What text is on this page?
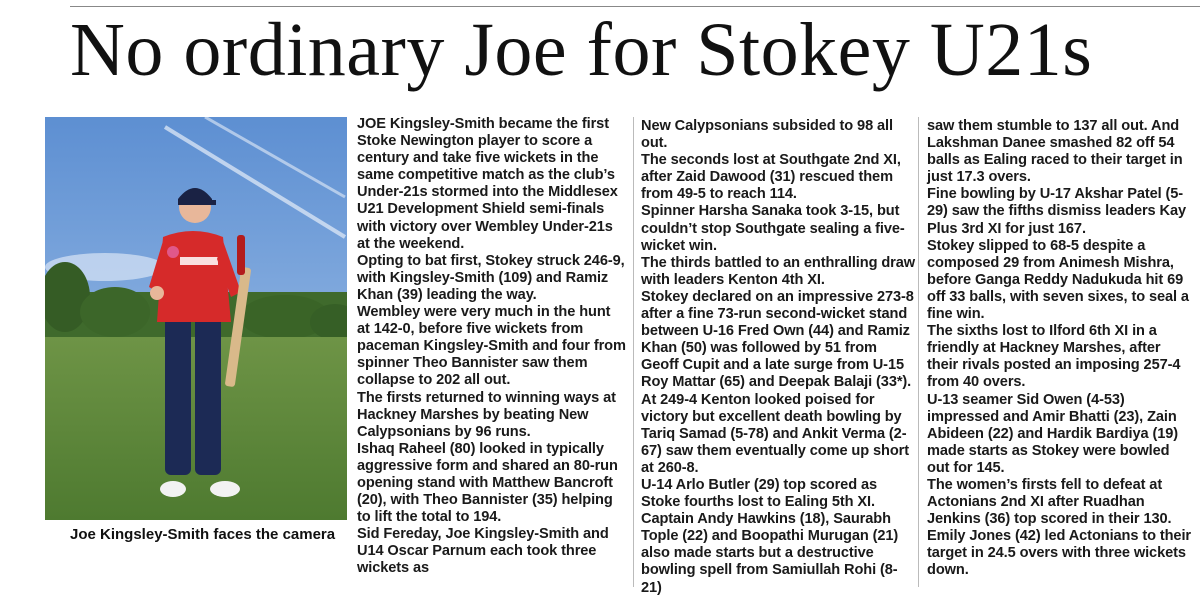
No ordinary Joe for Stokey U21s
Joe Kingsley-Smith faces the camera

JOE Kingsley-Smith became the first Stoke Newington player to score a century and take five wickets in the same competitive match as the club’s Under-21s stormed into the Middlesex U21 Development Shield semi-finals with victory over Wembley Under-21s at the weekend.

Opting to bat first, Stokey struck 246-9, with Kingsley-Smith (109) and Ramiz Khan (39) leading the way.

Wembley were very much in the hunt at 142-0, before five wickets from paceman Kingsley-Smith and four from spinner Theo Bannister saw them collapse to 202 all out.

The firsts returned to winning ways at Hackney Marshes by beating New Calypsonians by 96 runs.

Ishaq Raheel (80) looked in typically aggressive form and shared an 80-run opening stand with Matthew Bancroft (20), with Theo Bannister (35) helping to lift the total to 194.

Sid Fereday, Joe Kingsley-Smith and U14 Oscar Parnum each took three wickets as

New Calypsonians subsided to 98 all out.

The seconds lost at Southgate 2nd XI, after Zaid Dawood (31) rescued them from 49-5 to reach 114.

Spinner Harsha Sanaka took 3-15, but couldn’t stop Southgate sealing a five-wicket win.

The thirds battled to an enthralling draw with leaders Kenton 4th XI.

Stokey declared on an impressive 273-8 after a fine 73-run second-wicket stand between U-16 Fred Own (44) and Ramiz Khan (50) was followed by 51 from Geoff Cupit and a late surge from U-15 Roy Mattar (65) and Deepak Balaji (33*).

At 249-4 Kenton looked poised for victory but excellent death bowling by Tariq Samad (5-78) and Ankit Verma (2-67) saw them eventually come up short at 260-8.

U-14 Arlo Butler (29) top scored as Stoke fourths lost to Ealing 5th XI.

Captain Andy Hawkins (18), Saurabh Tople (22) and Boopathi Murugan (21) also made starts but a destructive bowling spell from Samiullah Rohi (8-21)

saw them stumble to 137 all out. And Lakshman Danee smashed 82 off 54 balls as Ealing raced to their target in just 17.3 overs.

Fine bowling by U-17 Akshar Patel (5-29) saw the fifths dismiss leaders Kay Plus 3rd XI for just 167.

Stokey slipped to 68-5 despite a composed 29 from Animesh Mishra, before Ganga Reddy Nadukuda hit 69 off 33 balls, with seven sixes, to seal a fine win.

The sixths lost to Ilford 6th XI in a friendly at Hackney Marshes, after their rivals posted an imposing 257-4 from 40 overs.

U-13 seamer Sid Owen (4-53) impressed and Amir Bhatti (23), Zain Abideen (22) and Hardik Bardiya (19) made starts as Stokey were bowled out for 145.

The women’s firsts fell to defeat at Actonians 2nd XI after Ruadhan Jenkins (36) top scored in their 130.

Emily Jones (42) led Actonians to their target in 24.5 overs with three wickets down.
